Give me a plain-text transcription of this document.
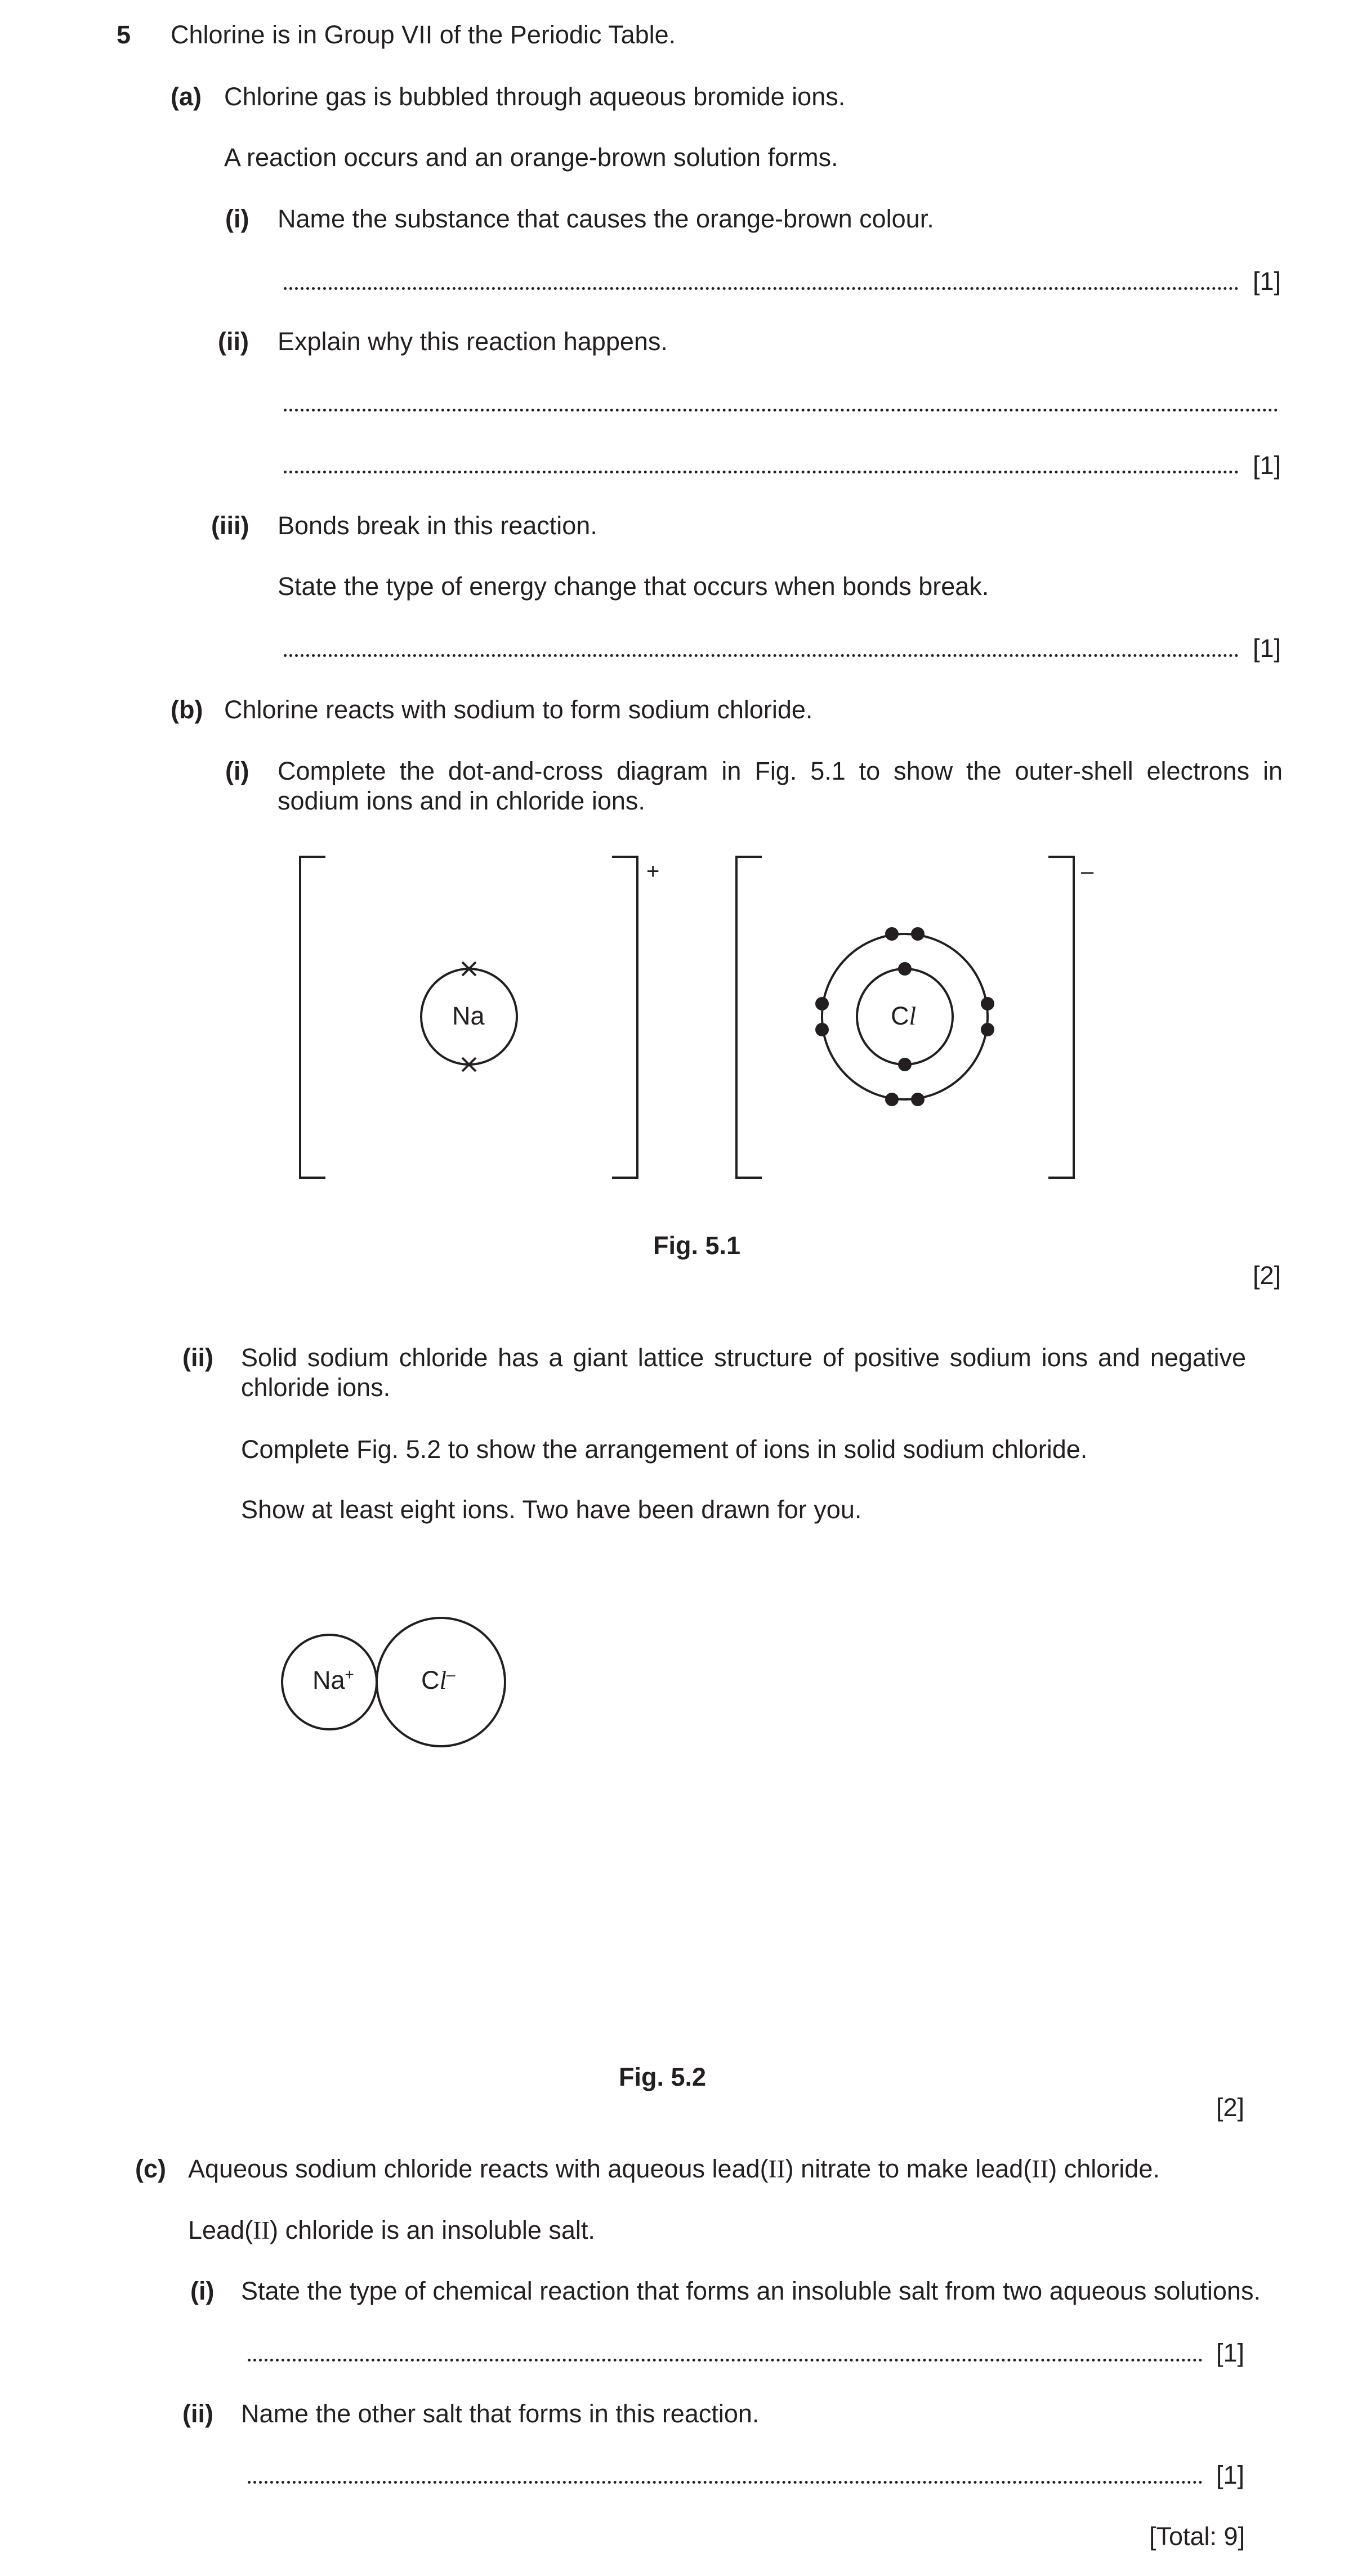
5 Chlorine is in Group VII of the Periodic Table.
(a) Chlorine gas is bubbled through aqueous bromide ions.
A reaction occurs and an orange-brown solution forms.
(i) Name the substance that causes the orange-brown colour.
[1]
(ii) Explain why this reaction happens.
[1]
(iii) Bonds break in this reaction.
State the type of energy change that occurs when bonds break.
[1]
(b) Chlorine reacts with sodium to form sodium chloride.
(i) Complete the dot-and-cross diagram in Fig. 5.1 to show the outer-shell electrons in
sodium ions and in chloride ions.
Na
+
Cl
–
Fig. 5.1
[2]
(ii) Solid sodium chloride has a giant lattice structure of positive sodium ions and negative
chloride ions.
Complete Fig. 5.2 to show the arrangement of ions in solid sodium chloride.
Show at least eight ions. Two have been drawn for you.
Na+	Cl–
Fig. 5.2
[2]
(c) Aqueous sodium chloride reacts with aqueous lead(II) nitrate to make lead(II) chloride.
Lead(II) chloride is an insoluble salt.
(i) State the type of chemical reaction that forms an insoluble salt from two aqueous solutions.
[1]
(ii) Name the other salt that forms in this reaction.
[1]
[Total: 9]
